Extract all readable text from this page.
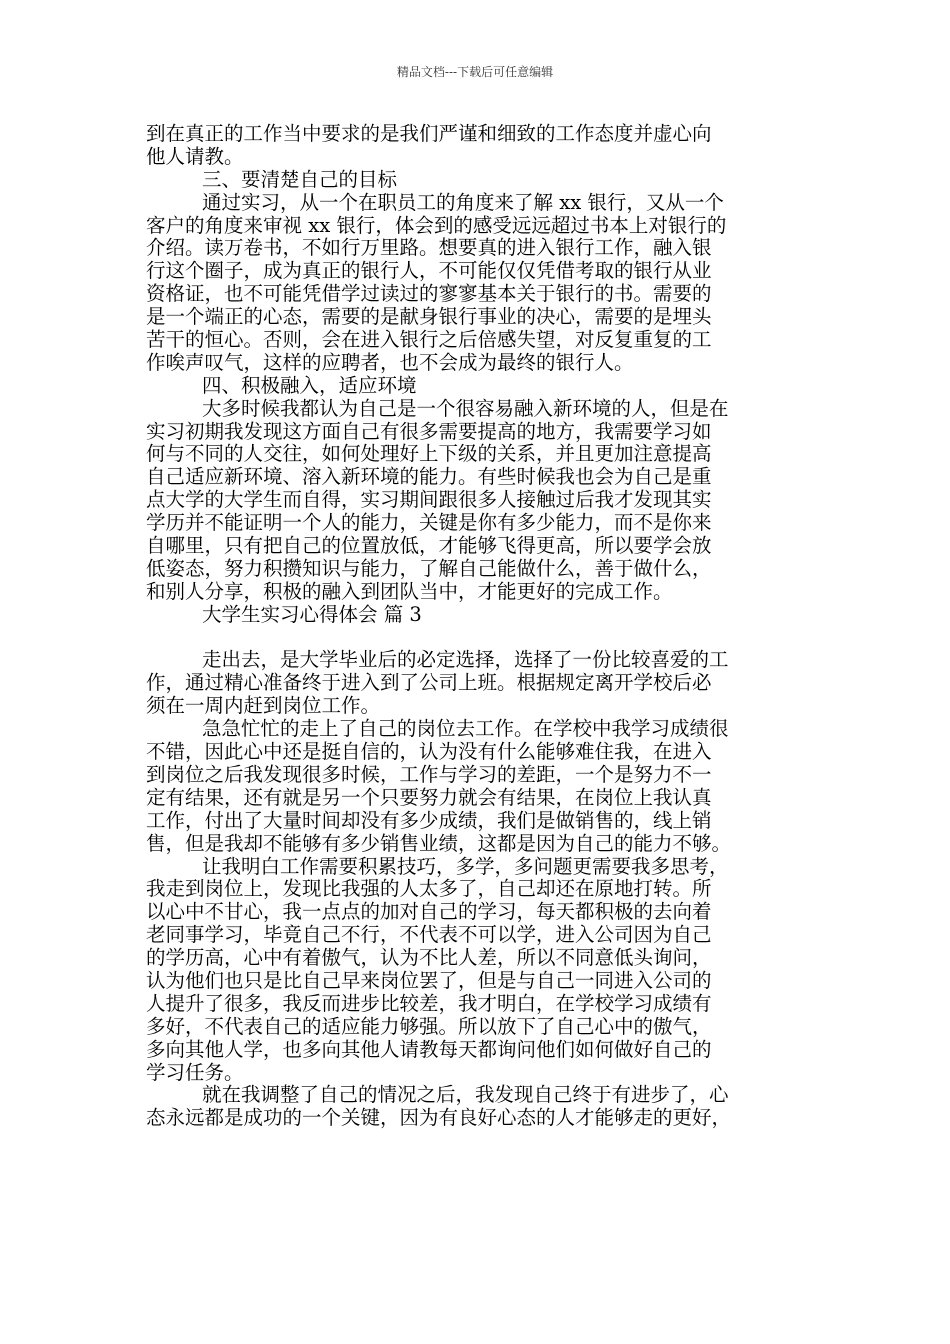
精品文档---下载后可任意编辑
到在真正的工作当中要求的是我们严谨和细致的工作态度并虚心向
他人请教。
三、要清楚自己的目标
通过实习，从一个在职员工的角度来了解 xx 银行，又从一个
客户的角度来审视 xx 银行，体会到的感受远远超过书本上对银行的
介绍。读万卷书，不如行万里路。想要真的进入银行工作，融入银
行这个圈子，成为真正的银行人，不可能仅仅凭借考取的银行从业
资格证，也不可能凭借学过读过的寥寥基本关于银行的书。需要的
是一个端正的心态，需要的是献身银行事业的决心，需要的是埋头
苦干的恒心。否则，会在进入银行之后倍感失望，对反复重复的工
作唉声叹气，这样的应聘者，也不会成为最终的银行人。
四、积极融入，适应环境
大多时候我都认为自己是一个很容易融入新环境的人，但是在
实习初期我发现这方面自己有很多需要提高的地方，我需要学习如
何与不同的人交往，如何处理好上下级的关系，并且更加注意提高
自己适应新环境、溶入新环境的能力。有些时候我也会为自己是重
点大学的大学生而自得，实习期间跟很多人接触过后我才发现其实
学历并不能证明一个人的能力，关键是你有多少能力，而不是你来
自哪里，只有把自己的位置放低，才能够飞得更高，所以要学会放
低姿态，努力积攒知识与能力，了解自己能做什么，善于做什么，
和别人分享，积极的融入到团队当中，才能更好的完成工作。
大学生实习心得体会 篇 3
走出去，是大学毕业后的必定选择，选择了一份比较喜爱的工
作，通过精心准备终于进入到了公司上班。根据规定离开学校后必
须在一周内赶到岗位工作。
急急忙忙的走上了自己的岗位去工作。在学校中我学习成绩很
不错，因此心中还是挺自信的，认为没有什么能够难住我，在进入
到岗位之后我发现很多时候，工作与学习的差距，一个是努力不一
定有结果，还有就是另一个只要努力就会有结果，在岗位上我认真
工作，付出了大量时间却没有多少成绩，我们是做销售的，线上销
售，但是我却不能够有多少销售业绩，这都是因为自己的能力不够。
让我明白工作需要积累技巧，多学，多问题更需要我多思考，
我走到岗位上，发现比我强的人太多了，自己却还在原地打转。所
以心中不甘心，我一点点的加对自己的学习，每天都积极的去向着
老同事学习，毕竟自己不行，不代表不可以学，进入公司因为自己
的学历高，心中有着傲气，认为不比人差，所以不同意低头询问，
认为他们也只是比自己早来岗位罢了，但是与自己一同进入公司的
人提升了很多，我反而进步比较差，我才明白，在学校学习成绩有
多好，不代表自己的适应能力够强。所以放下了自己心中的傲气，
多向其他人学，也多向其他人请教每天都询问他们如何做好自己的
学习任务。
就在我调整了自己的情况之后，我发现自己终于有进步了，心
态永远都是成功的一个关键，因为有良好心态的人才能够走的更好，
